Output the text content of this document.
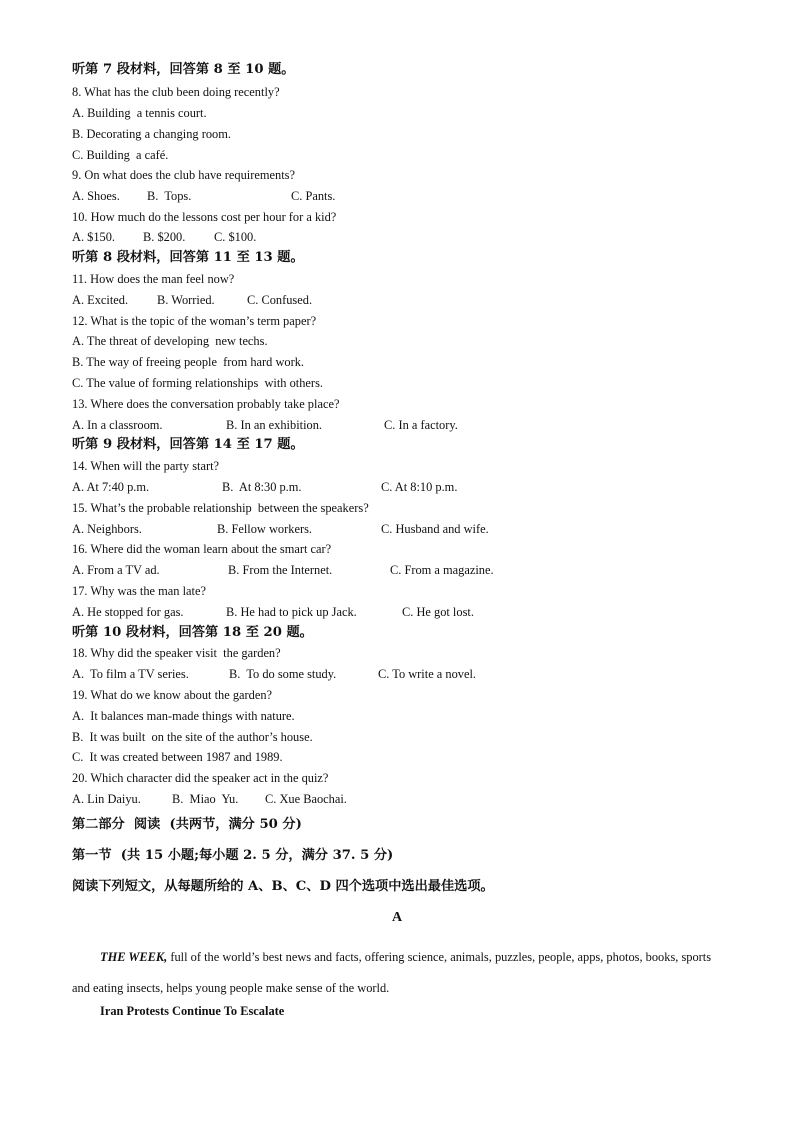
听第 7 段材料，回答第 8 至 10 题。
8. What has the club been doing recently?
A. Building  a tennis court.
B. Decorating a changing room.
C. Building  a café.
9. On what does the club have requirements?
A. Shoes. B.  Tops.	C. Pants.
10. How much do the lessons cost per hour for a kid?
A. $150. B. $200. C. $100.
听第 8 段材料，回答第 11 至 13 题。
11. How does the man feel now?
A. Excited. B. Worried.	C. Confused.
12. What is the topic of the woman’s term paper?
A. The threat of developing  new techs.
B. The way of freeing people  from hard work.
C. The value of forming relationships  with others.
13. Where does the conversation probably take place?
A. In a classroom.	B. In an exhibition.	C. In a factory.
听第 9 段材料，回答第 14 至 17 题。
14. When will the party start?
A. At 7:40 p.m.	B.  At 8:30 p.m.	C. At 8:10 p.m.
15. What’s the probable relationship  between the speakers?
A. Neighbors.	B. Fellow workers.	C. Husband and wife.
16. Where did the woman learn about the smart car?
A. From a TV ad.	B. From the Internet.	C. From a magazine.
17. Why was the man late?
A. He stopped for gas.	B. He had to pick up Jack.	C. He got lost.
听第 10 段材料，回答第 18 至 20 题。
18. Why did the speaker visit  the garden?
A.  To film a TV series.	B.  To do some study.	C. To write a novel.
19. What do we know about the garden?
A.  It balances man-made things with nature.
B.  It was built  on the site of the author’s house.
C.  It was created between 1987 and 1989.
20. Which character did the speaker act in the quiz?
A. Lin Daiyu.	B.  Miao  Yu. C. Xue Baochai.
第二部分  阅读  (共两节，满分 50 分)
第一节  (共 15 小题;每小题 2. 5 分，满分 37. 5 分)
阅读下列短文，从每题所给的 A、B、C、D 四个选项中选出最佳选项。
A
THE WEEK, full of the world’s best news and facts, offering science, animals, puzzles, people, apps, photos, books, sports and eating insects, helps young people make sense of the world.
Iran Protests Continue To Escalate
